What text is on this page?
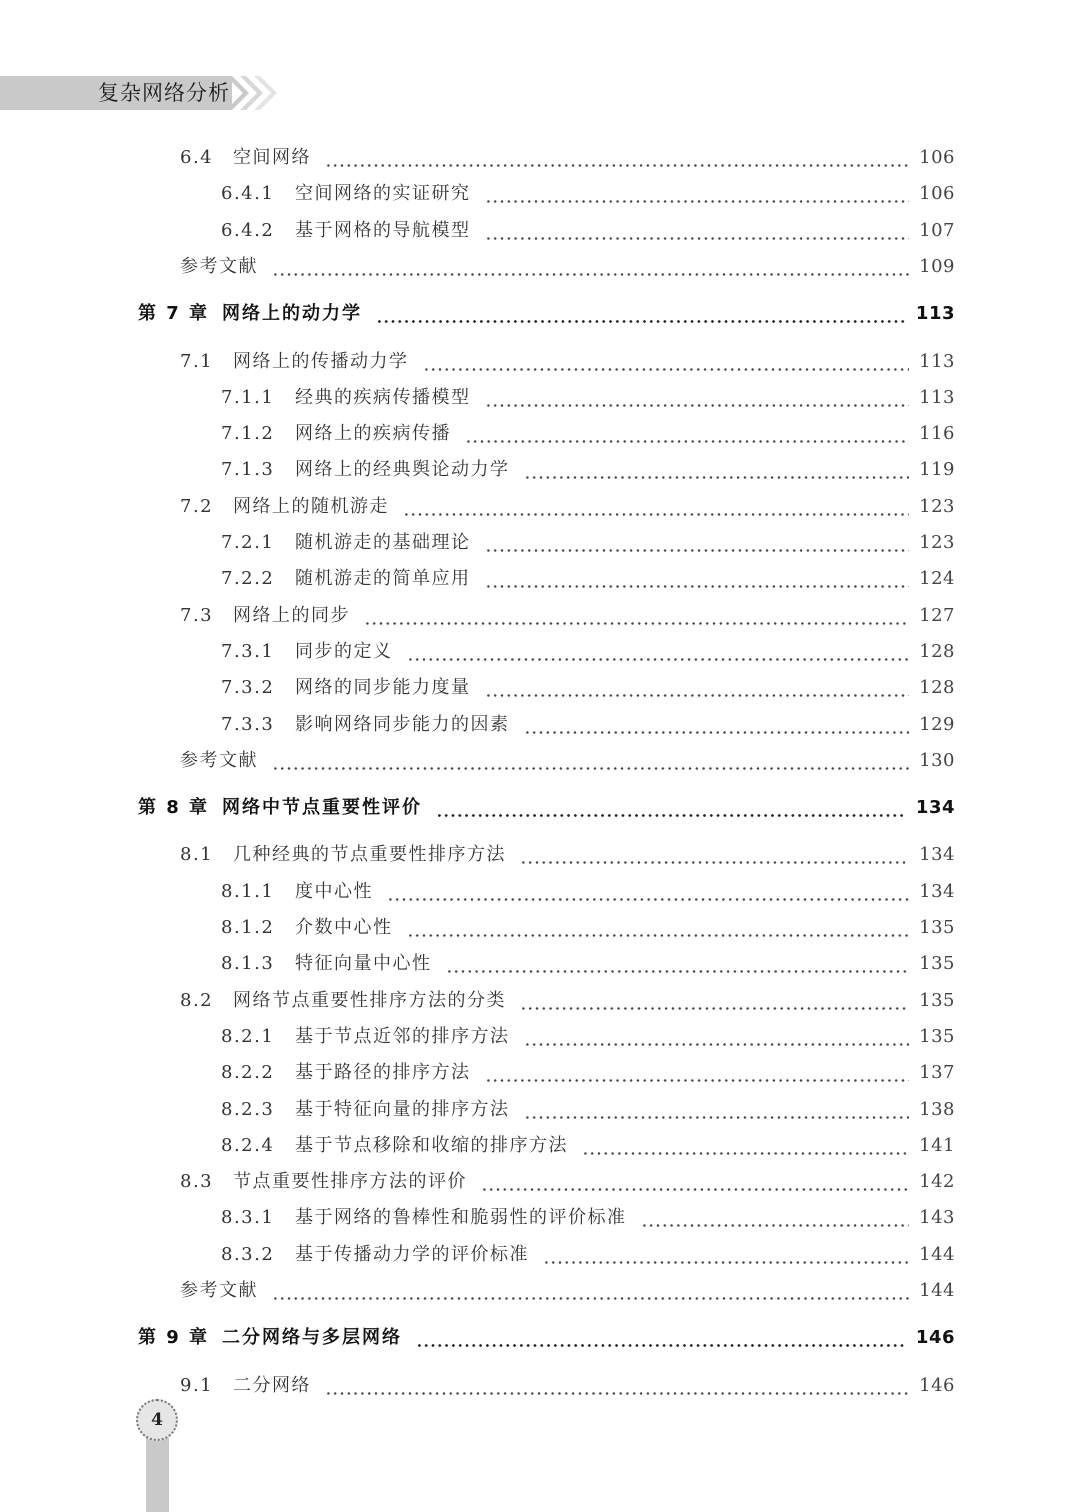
复杂网络分析
6.4 空间网络	106
6.4.1 空间网络的实证研究	106
6.4.2 基于网格的导航模型	107
参考文献	109
第 7 章 网络上的动力学	113
7.1 网络上的传播动力学	113
7.1.1 经典的疾病传播模型	113
7.1.2 网络上的疾病传播	116
7.1.3 网络上的经典舆论动力学	119
7.2 网络上的随机游走	123
7.2.1 随机游走的基础理论	123
7.2.2 随机游走的简单应用	124
7.3 网络上的同步	127
7.3.1 同步的定义	128
7.3.2 网络的同步能力度量	128
7.3.3 影响网络同步能力的因素	129
参考文献	130
第 8 章 网络中节点重要性评价	134
8.1 几种经典的节点重要性排序方法	134
8.1.1 度中心性	134
8.1.2 介数中心性	135
8.1.3 特征向量中心性	135
8.2 网络节点重要性排序方法的分类	135
8.2.1 基于节点近邻的排序方法	135
8.2.2 基于路径的排序方法	137
8.2.3 基于特征向量的排序方法	138
8.2.4 基于节点移除和收缩的排序方法	141
8.3 节点重要性排序方法的评价	142
8.3.1 基于网络的鲁棒性和脆弱性的评价标准	143
8.3.2 基于传播动力学的评价标准	144
参考文献	144
第 9 章 二分网络与多层网络	146
9.1 二分网络	146
4
